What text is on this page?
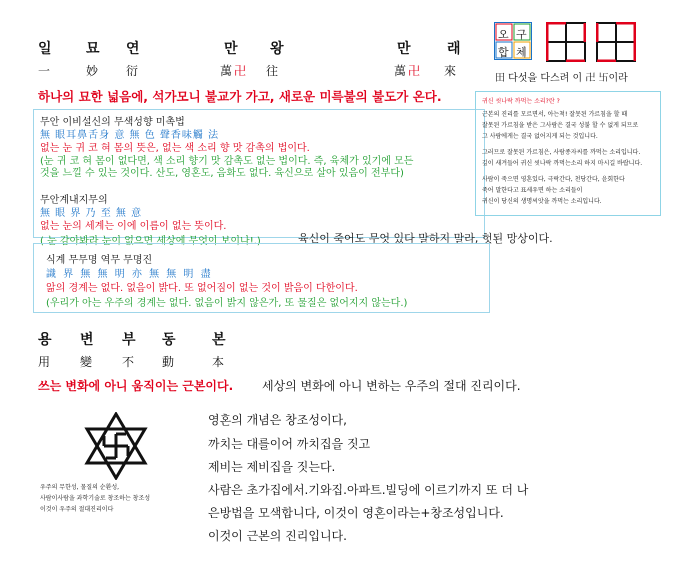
일 묘 연	만 왕	만 래
一	妙 衍	萬 卍 往	萬 卍 來
오 구
합 체
田 다섯을 다스려 이 卍 卐이라
하나의 묘한 넓음에, 석가모니 불교가 가고, 새로운 미륵불의 불도가 온다.
무안 이비설신의 무색성향 미촉법
無 眼耳鼻舌身 意 無 色 聲香味觸 法
없는 눈 귀 코 혀 몸의 뜻은, 없는 색 소리 향 맛 감촉의 법이다.
(눈 귀 코 혀 몸이 없다면, 색 소리 향기 맛 감촉도 없는 법이다. 즉, 육체가 있기에 모든
것을 느낄 수 있는 것이다. 산도, 영혼도, 음화도 없다. 육신으로 살아 있음이 전부다)
무안계내지무의
無 眼 界 乃 至 無 意
없는 눈의 세계는 이에 이름이 없는 뜻이다.
( 눈 감아봐라 눈이 없으면 세상에 무엇이 보이나!.)	육신이 죽어도 무엇 있다 말하지 말라, 헛된 망상이다.
식계 무무명 역무 무명진
識 界 無 無 明 亦 無 無 明 盡
앎의 경계는 없다. 없음이 밝다. 또 없어짐이 없는 것이 밝음이 다한이다.
(우리가 아는 우주의 경계는 없다. 없음이 밝지 않은가, 또 물질은 없어지지 않는다.)
귀신 씻나락 까먹는 소리?란 ?
근본의 진리를 모르면서, 아는척! 잘못된 가르침을 할 때
잘못된 가르침을 받은 그사람은 결국 성불 할 수 없게 되므로
그 사람에게는 결국 없어지게 되는 것입니다.
그러므로 잘못된 가르침은, 사람종자씨를 까먹는 소리입니다.
깊이 새겨들어 귀신 씻나락 까먹는소리 하지 마시길 바랍니다.
사람이 죽으면 영혼있다, 극락간다, 천당간다, 윤회한다
죽어 말한다고 표세우면 하는 소리들이
귀신이 당신의 생명씨앗을 까먹는 소리입니다.
용 변 부 동 본
用 變 不 動	本
쓰는 변화에 아니 움직이는 근본이다. 세상의 변화에 아니 변하는 우주의 절대 진리이다.
우주의 무한성, 물질의 순환성,
사람이사람을 과학기술로 창조하는 창조성
이것이 우주의 절대진리이다
영혼의 개념은 창조성이다,
까치는 대를이어 까치집을 짓고
제비는 제비집을 짓는다.
사람은 초가집에서.기와집.아파트.빌딩에 이르기까지 또 더 나
은방법을 모색합니다, 이것이 영혼이라는+창조성입니다.
이것이 근본의 진리입니다.
